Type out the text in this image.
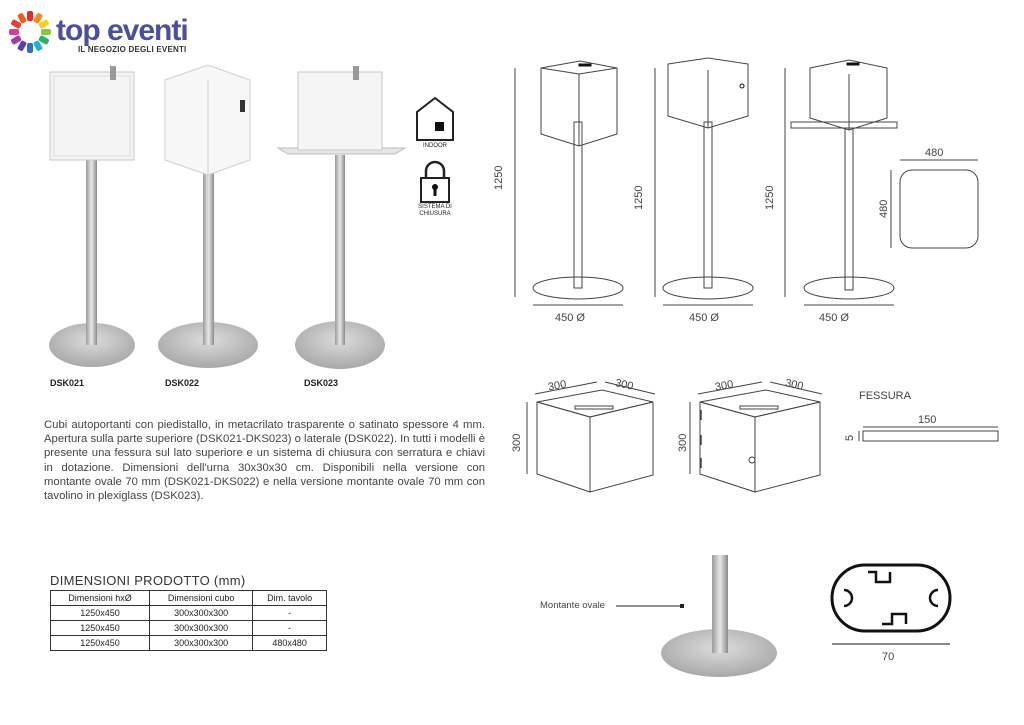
top eventi
IL NEGOZIO DEGLI EVENTI
DSK021	DSK022	DSK023
INDOOR
SISTEMA DI CHIUSURA
1250
1250	1250
450 Ø	450 Ø	450 Ø
480
480
300	300
300
300	300
300
FESSURA
150
5
Cubi autoportanti con piedistallo, in metacrilato trasparente o satinato spessore 4 mm. Apertura sulla parte superiore (DSK021-DKS023) o laterale (DSK022). In tutti i modelli è presente una fessura sul lato superiore e un sistema di chiusura con serratura e chiavi in dotazione. Dimensioni dell'urna 30x30x30 cm. Disponibili nella versione con montante ovale 70 mm (DSK021-DKS022) e nella versione montante ovale 70 mm con tavolino in plexiglass (DSK023).
DIMENSIONI PRODOTTO (mm)
Dimensioni hxØ	Dimensioni cubo	Dim. tavolo
1250x450	300x300x300	-
1250x450	300x300x300	-
1250x450	300x300x300	480x480
Montante ovale
70
